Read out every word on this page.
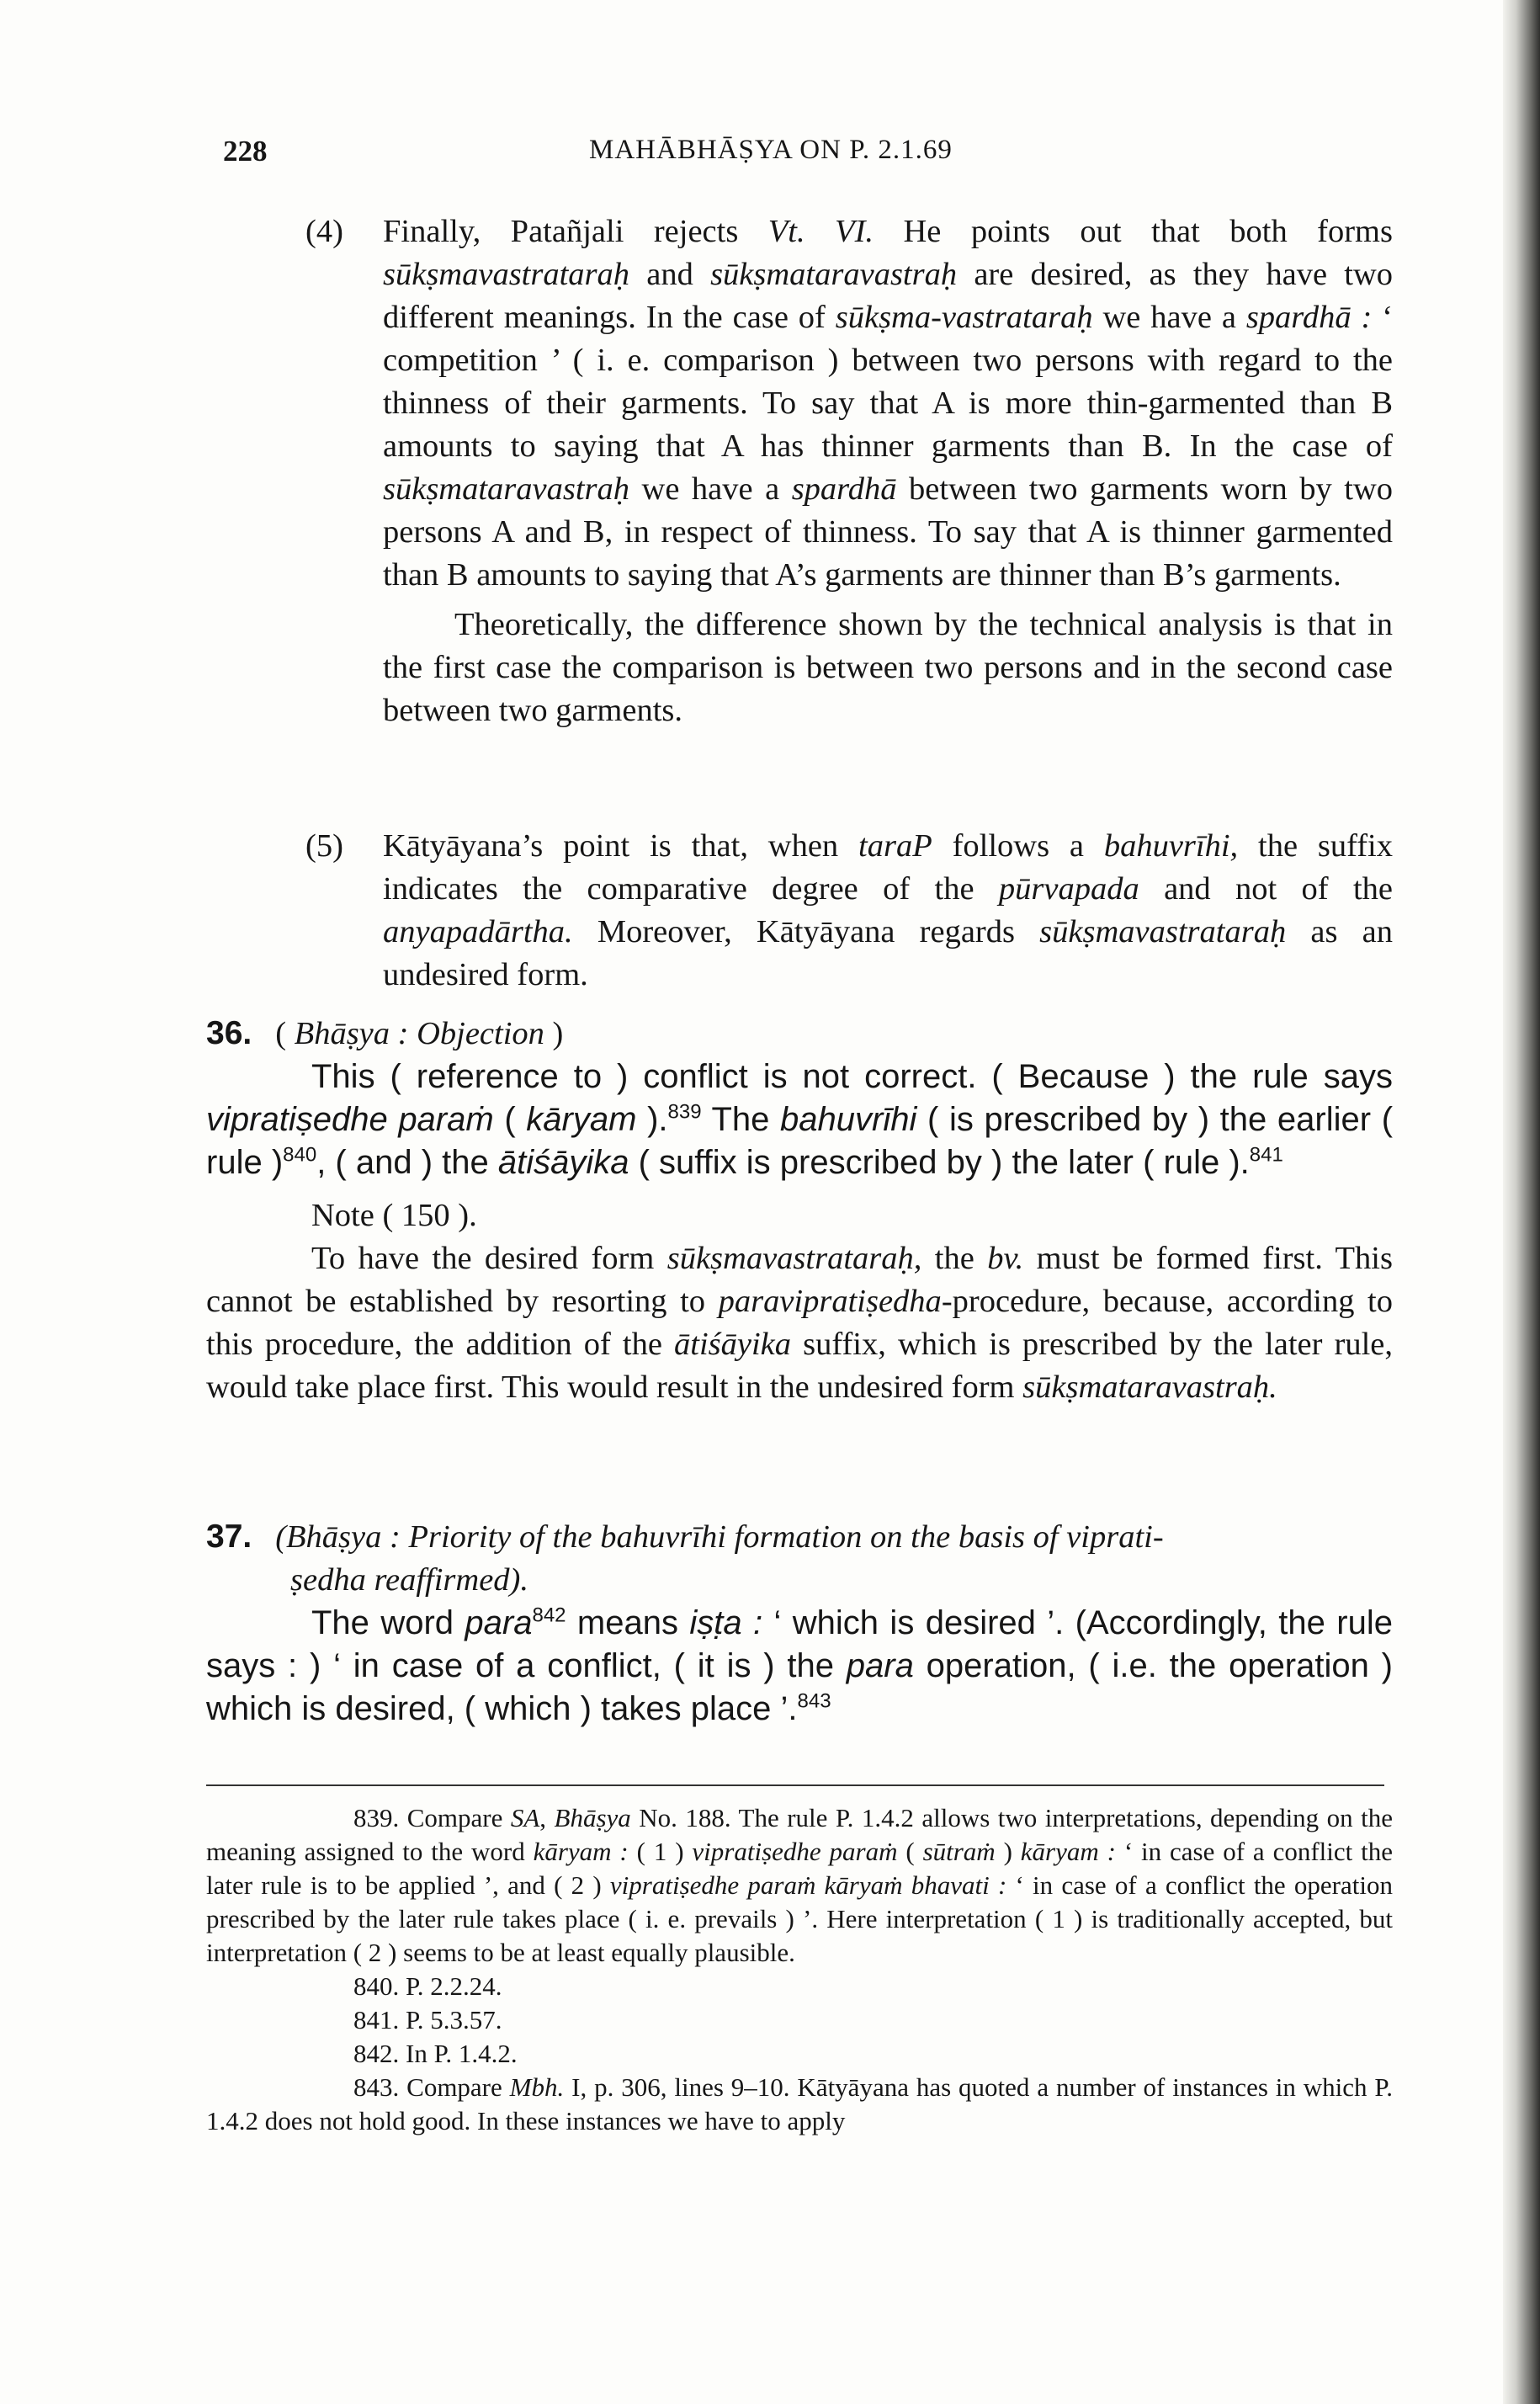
228	MAHĀBHĀṢYA ON P. 2.1.69
(4) Finally, Patañjali rejects Vt. VI. He points out that both forms sūkṣmavastrataraḥ and sūkṣmataravastraḥ are desired, as they have two different meanings. In the case of sūkṣma-vastrataraḥ we have a spardhā : ‘ competition ’ ( i. e. comparison ) between two persons with regard to the thinness of their garments. To say that A is more thin-garmented than B amounts to saying that A has thinner garments than B. In the case of sūkṣmataravastraḥ we have a spardhā between two garments worn by two persons A and B, in respect of thinness. To say that A is thinner garmented than B amounts to saying that A’s garments are thinner than B’s garments.

Theoretically, the difference shown by the technical analysis is that in the first case the comparison is between two persons and in the second case between two garments.

(5) Kātyāyana’s point is that, when taraP follows a bahuvrīhi, the suffix indicates the comparative degree of the pūrvapada and not of the anyapadārtha. Moreover, Kātyāyana regards sūkṣmavastrataraḥ as an undesired form.

36. ( Bhāṣya : Objection )

This ( reference to ) conflict is not correct. ( Because ) the rule says vipratiṣedhe paraṁ ( kāryam ).$^{839}$ The bahuvrīhi ( is prescribed by ) the earlier ( rule )$^{840}$, ( and ) the ātiśāyika ( suffix is prescribed by ) the later ( rule ).$^{841}$

Note ( 150 ).

To have the desired form sūkṣmavastrataraḥ, the bv. must be formed first. This cannot be established by resorting to paravipratiṣedha-procedure, because, according to this procedure, the addition of the ātiśāyika suffix, which is prescribed by the later rule, would take place first. This would result in the undesired form sūkṣmataravastraḥ.

37. (Bhāṣya : Priority of the bahuvrīhi formation on the basis of viprati-
ṣedha reaffirmed).

The word para$^{842}$ means iṣṭa : ‘ which is desired ’. (Accordingly, the rule says : ) ‘ in case of a conflict, ( it is ) the para operation, ( i.e. the operation ) which is desired, ( which ) takes place ’.$^{843}$

839. Compare SA, Bhāṣya No. 188. The rule P. 1.4.2 allows two interpretations, depending on the meaning assigned to the word kāryam : ( 1 ) vipratiṣedhe paraṁ ( sūtraṁ ) kāryam : ‘ in case of a conflict the later rule is to be applied ’, and ( 2 ) vipratiṣedhe paraṁ kāryaṁ bhavati : ‘ in case of a conflict the operation prescribed by the later rule takes place ( i. e. prevails ) ’. Here interpretation ( 1 ) is traditionally accepted, but interpretation ( 2 ) seems to be at least equally plausible.

840. P. 2.2.24.

841. P. 5.3.57.

842. In P. 1.4.2.

843. Compare Mbh. I, p. 306, lines 9–10. Kātyāyana has quoted a number of instances in which P. 1.4.2 does not hold good. In these instances we have to apply
